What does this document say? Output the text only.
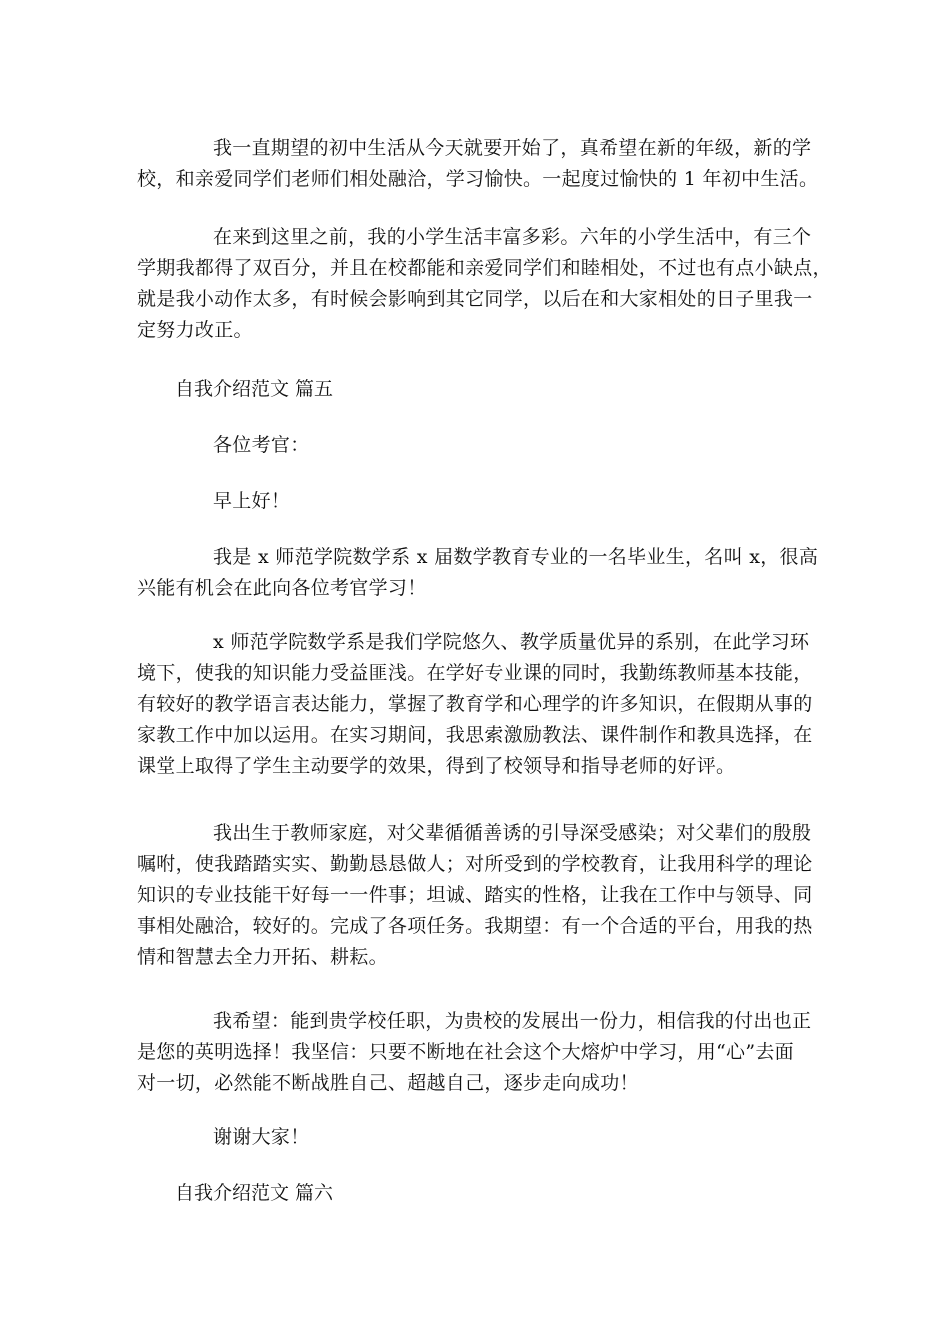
我一直期望的初中生活从今天就要开始了，真希望在新的年级，新的学
校，和亲爱同学们老师们相处融洽，学习愉快。一起度过愉快的 1 年初中生活。

在来到这里之前，我的小学生活丰富多彩。六年的小学生活中，有三个
学期我都得了双百分，并且在校都能和亲爱同学们和睦相处，不过也有点小缺点，
就是我小动作太多，有时候会影响到其它同学，以后在和大家相处的日子里我一
定努力改正。

自我介绍范文 篇五

各位考官：

早上好！

我是 x 师范学院数学系 x 届数学教育专业的一名毕业生，名叫 x，很高
兴能有机会在此向各位考官学习！

x 师范学院数学系是我们学院悠久、教学质量优异的系别，在此学习环
境下，使我的知识能力受益匪浅。在学好专业课的同时，我勤练教师基本技能，
有较好的教学语言表达能力，掌握了教育学和心理学的许多知识，在假期从事的
家教工作中加以运用。在实习期间，我思索激励教法、课件制作和教具选择，在
课堂上取得了学生主动要学的效果，得到了校领导和指导老师的好评。

我出生于教师家庭，对父辈循循善诱的引导深受感染；对父辈们的殷殷
嘱咐，使我踏踏实实、勤勤恳恳做人；对所受到的学校教育，让我用科学的理论
知识的专业技能干好每一一件事；坦诚、踏实的性格，让我在工作中与领导、同
事相处融洽，较好的。完成了各项任务。我期望：有一个合适的平台，用我的热
情和智慧去全力开拓、耕耘。

我希望：能到贵学校任职，为贵校的发展出一份力，相信我的付出也正
是您的英明选择！我坚信：只要不断地在社会这个大熔炉中学习，用“心”去面
对一切，必然能不断战胜自己、超越自己，逐步走向成功！

谢谢大家！

自我介绍范文 篇六
